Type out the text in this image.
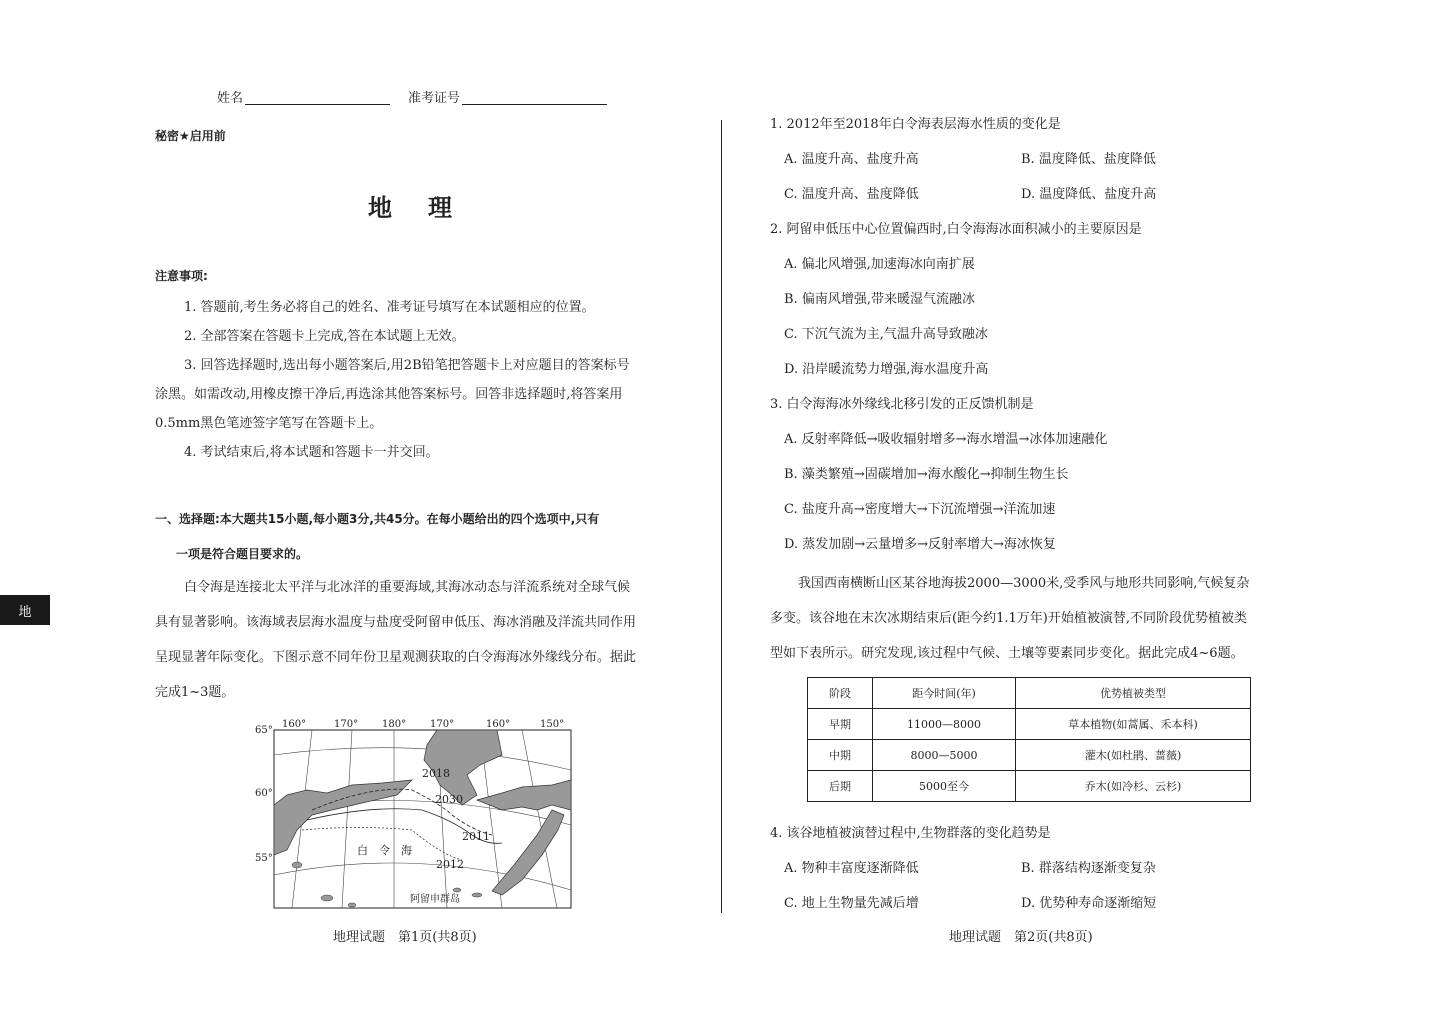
姓名	准考证号
秘密★启用前
地　理
注意事项:
1. 答题前,考生务必将自己的姓名、准考证号填写在本试题相应的位置。
2. 全部答案在答题卡上完成,答在本试题上无效。
3. 回答选择题时,选出每小题答案后,用2B铅笔把答题卡上对应题目的答案标号
涂黑。如需改动,用橡皮擦干净后,再选涂其他答案标号。回答非选择题时,将答案用
0.5mm黑色笔迹签字笔写在答题卡上。
4. 考试结束后,将本试题和答题卡一并交回。
一、选择题:本大题共15小题,每小题3分,共45分。在每小题给出的四个选项中,只有
一项是符合题目要求的。
白令海是连接北太平洋与北冰洋的重要海域,其海冰动态与洋流系统对全球气候
具有显著影响。该海域表层海水温度与盐度受阿留申低压、海冰消融及洋流共同作用
呈现显著年际变化。下图示意不同年份卫星观测获取的白令海海冰外缘线分布。据此
完成1~3题。
160°	170° 180° 170°	160°	150°
65°
60°
55°
2018
2030
2011
2012
白　令　海
阿留申群岛
地
地理试题　第1页(共8页)
1. 2012年至2018年白令海表层海水性质的变化是
A. 温度升高、盐度升高	B. 温度降低、盐度降低
C. 温度升高、盐度降低	D. 温度降低、盐度升高
2. 阿留申低压中心位置偏西时,白令海海冰面积减小的主要原因是
A. 偏北风增强,加速海冰向南扩展
B. 偏南风增强,带来暖湿气流融冰
C. 下沉气流为主,气温升高导致融冰
D. 沿岸暖流势力增强,海水温度升高
3. 白令海海冰外缘线北移引发的正反馈机制是
A. 反射率降低→吸收辐射增多→海水增温→冰体加速融化
B. 藻类繁殖→固碳增加→海水酸化→抑制生物生长
C. 盐度升高→密度增大→下沉流增强→洋流加速
D. 蒸发加剧→云量增多→反射率增大→海冰恢复
我国西南横断山区某谷地海拔2000—3000米,受季风与地形共同影响,气候复杂
多变。该谷地在末次冰期结束后(距今约1.1万年)开始植被演替,不同阶段优势植被类
型如下表所示。研究发现,该过程中气候、土壤等要素同步变化。据此完成4~6题。
阶段	距今时间(年)	优势植被类型
早期	11000—8000	草本植物(如蒿属、禾本科)
中期	8000—5000	灌木(如杜鹃、蔷薇)
后期	5000至今	乔木(如冷杉、云杉)
4. 该谷地植被演替过程中,生物群落的变化趋势是
A. 物种丰富度逐渐降低	B. 群落结构逐渐变复杂
C. 地上生物量先减后增	D. 优势种寿命逐渐缩短
地理试题　第2页(共8页)
